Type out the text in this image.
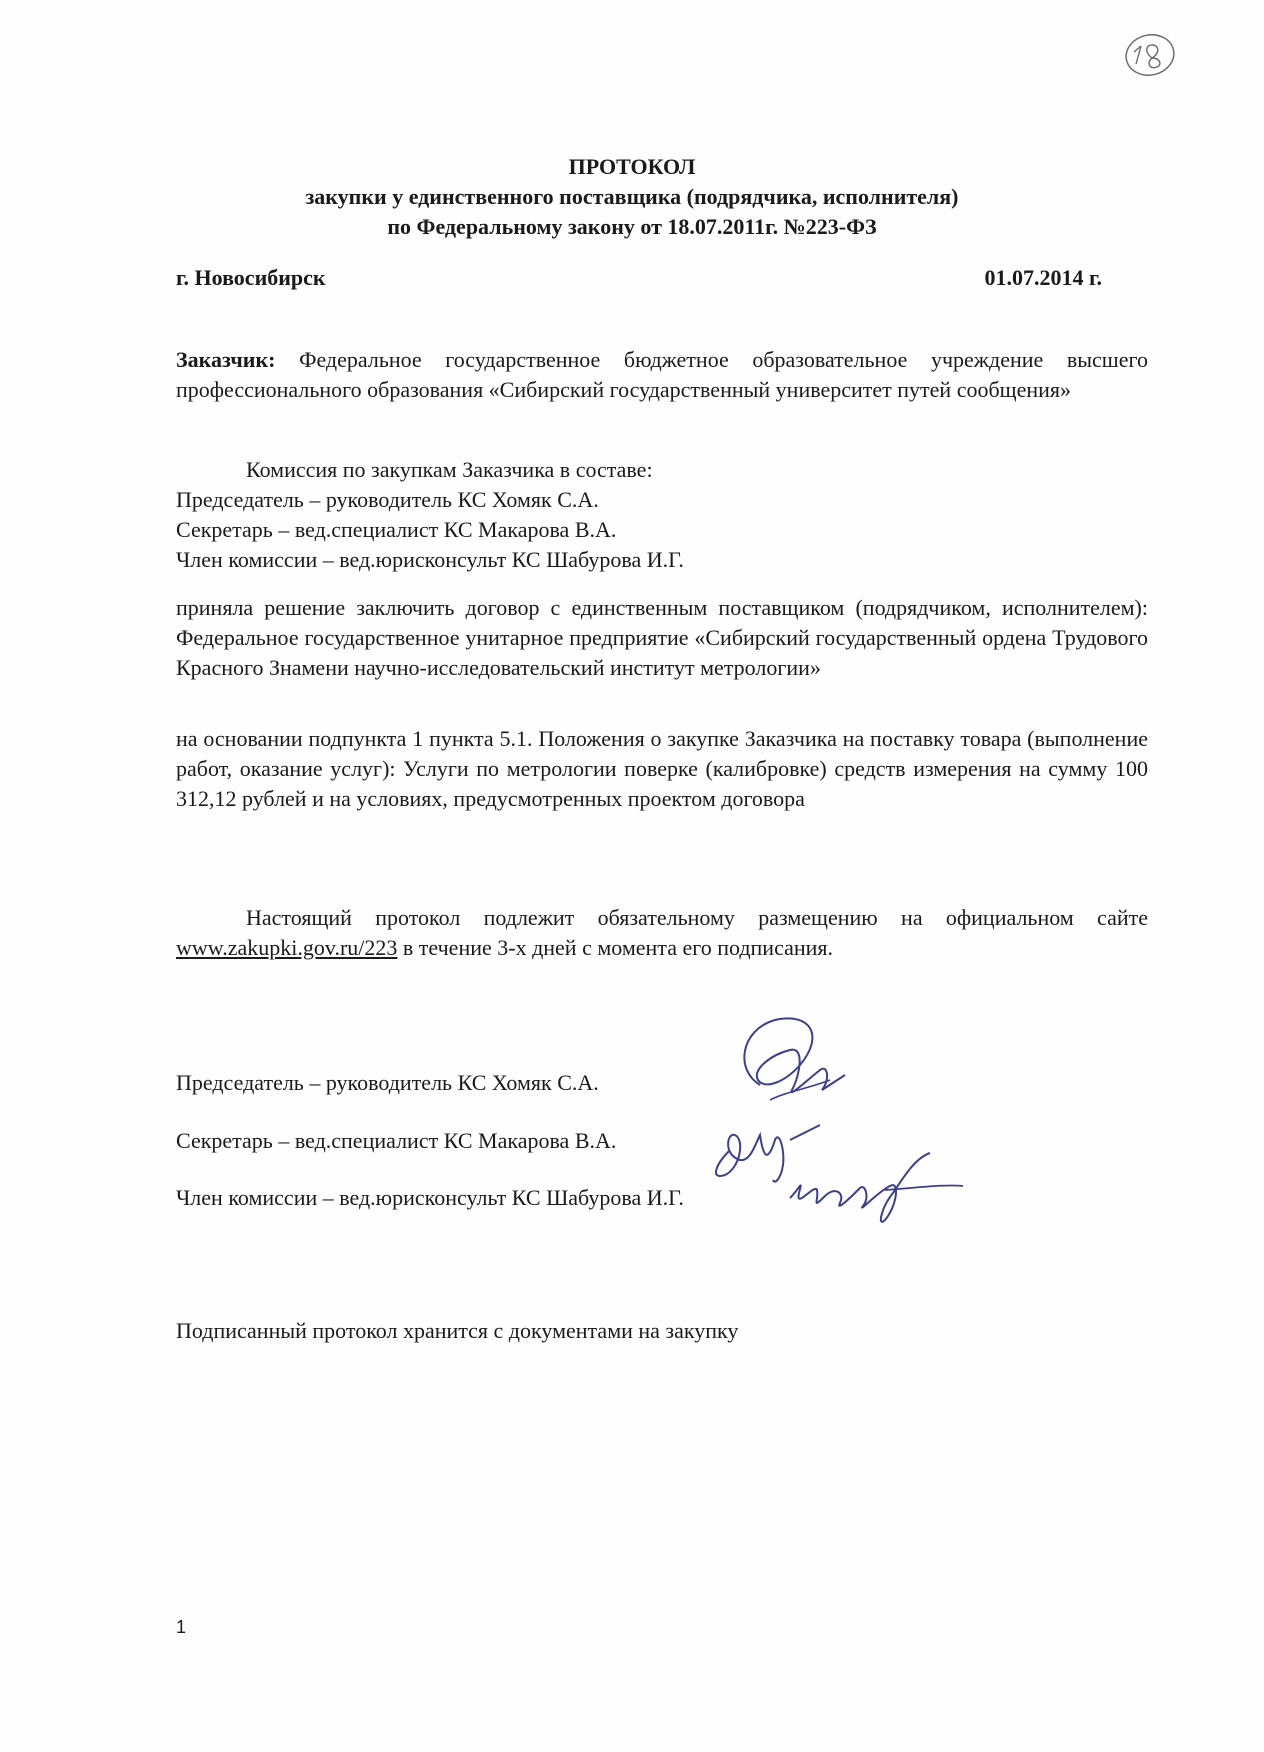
ПРОТОКОЛ
закупки у единственного поставщика (подрядчика, исполнителя)
по Федеральному закону от 18.07.2011г. №223-ФЗ
г. Новосибирск	01.07.2014 г.
Заказчик: Федеральное государственное бюджетное образовательное учреждение высшего профессионального образования «Сибирский государственный университет путей сообщения»
Комиссия по закупкам Заказчика в составе:
Председатель – руководитель КС Хомяк С.А.
Секретарь – вед.специалист КС Макарова В.А.
Член комиссии – вед.юрисконсульт КС Шабурова И.Г.
приняла решение заключить договор с единственным поставщиком (подрядчиком, исполнителем): Федеральное государственное унитарное предприятие «Сибирский государственный ордена Трудового Красного Знамени научно-исследовательский институт метрологии»
на основании подпункта 1 пункта 5.1. Положения о закупке Заказчика на поставку товара (выполнение работ, оказание услуг): Услуги по метрологии поверке (калибровке) средств измерения на сумму 100 312,12 рублей и на условиях, предусмотренных проектом договора
Настоящий протокол подлежит обязательному размещению на официальном сайте www.zakupki.gov.ru/223 в течение 3-х дней с момента его подписания.
Председатель – руководитель КС Хомяк С.А.
Секретарь – вед.специалист КС Макарова В.А.
Член комиссии – вед.юрисконсульт КС Шабурова И.Г.
Подписанный протокол хранится с документами на закупку
1
